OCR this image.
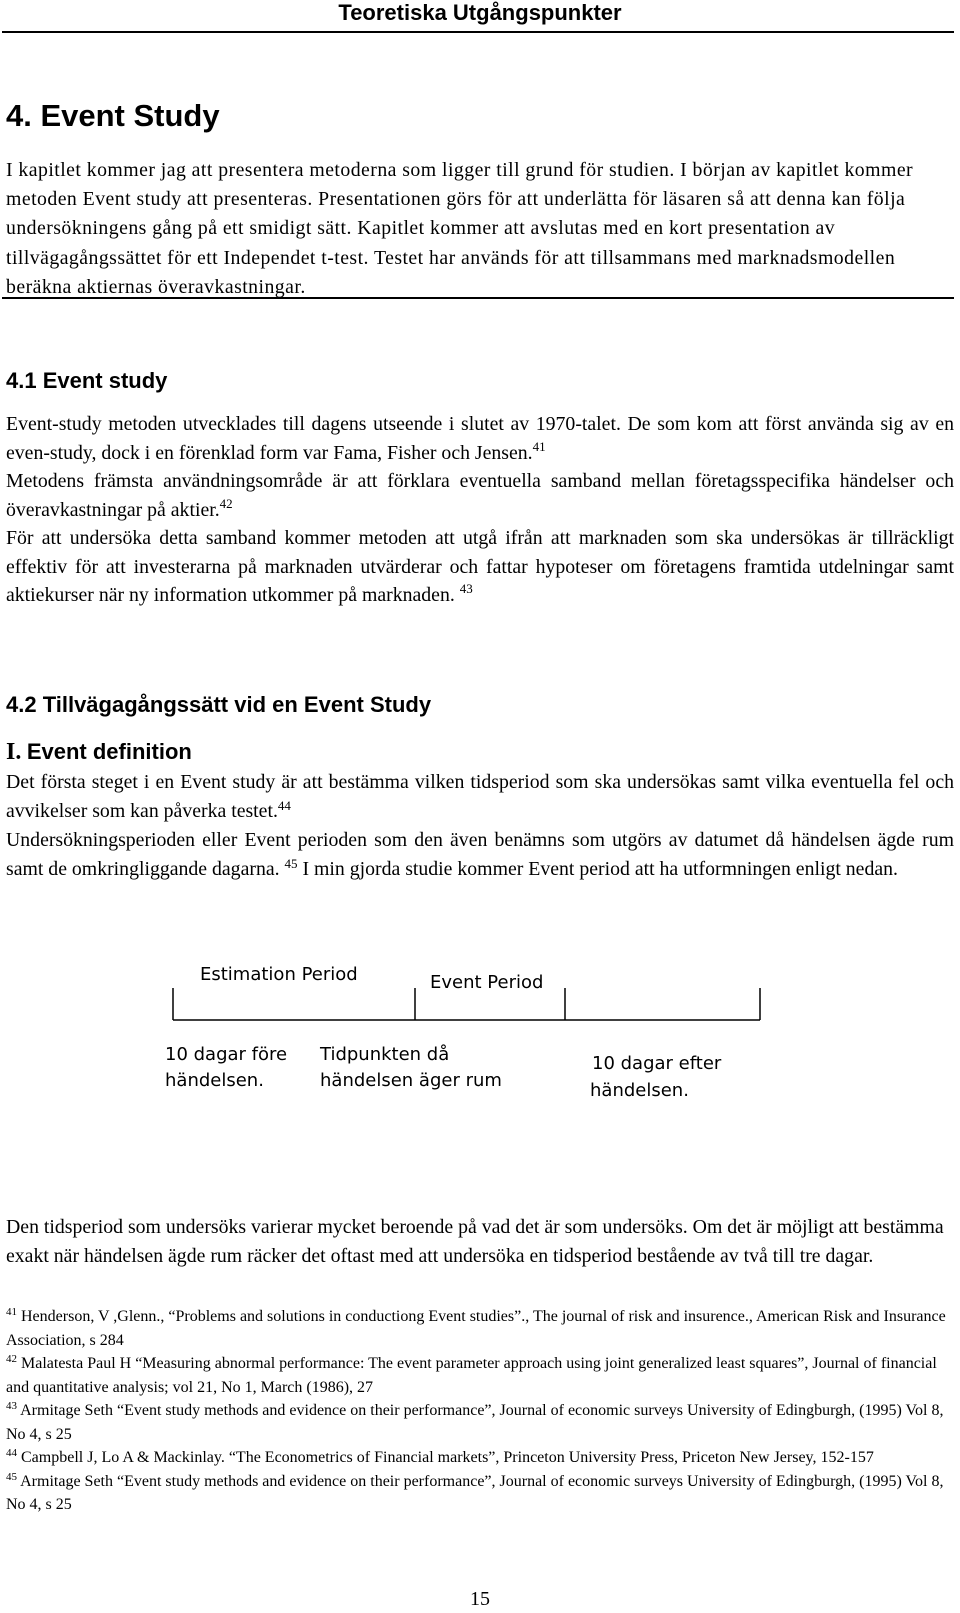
Teoretiska Utgångspunkter
4. Event Study

I kapitlet kommer jag att presentera metoderna som ligger till grund för studien. I början av kapitlet kommer metoden Event study att presenteras. Presentationen görs för att underlätta för läsaren så att denna kan följa undersökningens gång på ett smidigt sätt. Kapitlet kommer att avslutas med en kort presentation av tillvägagångssättet för ett Independet t-test. Testet har används för att tillsammans med marknadsmodellen beräkna aktiernas överavkastningar.

4.1 Event study

Event-study metoden utvecklades till dagens utseende i slutet av 1970-talet. De som kom att först använda sig av en even-study, dock i en förenklad form var Fama, Fisher och Jensen.$^{41}$
Metodens främsta användningsområde är att förklara eventuella samband mellan företagsspecifika händelser och överavkastningar på aktier.$^{42}$
För att undersöka detta samband kommer metoden att utgå ifrån att marknaden som ska undersökas är tillräckligt effektiv för att investerarna på marknaden utvärderar och fattar hypoteser om företagens framtida utdelningar samt aktiekurser när ny information utkommer på marknaden. $^{43}$

4.2 Tillvägagångssätt vid en Event Study
I. Event definition

Det första steget i en Event study är att bestämma vilken tidsperiod som ska undersökas samt vilka eventuella fel och avvikelser som kan påverka testet.$^{44}$
Undersökningsperioden eller Event perioden som den även benämns som utgörs av datumet då händelsen ägde rum samt de omkringliggande dagarna. $^{45}$ I min gjorda studie kommer Event period att ha utformningen enligt nedan.

Estimation Period	Event Period
10 dagar före
händelsen.
Tidpunkten då
händelsen äger rum
10 dagar efter
händelsen.

Den tidsperiod som undersöks varierar mycket beroende på vad det är som undersöks. Om det är möjligt att bestämma exakt när händelsen ägde rum räcker det oftast med att undersöka en tidsperiod bestående av två till tre dagar.

$^{41}$ Henderson, V ,Glenn., “Problems and solutions in conductiong Event studies”., The journal of risk and insurence., American Risk and Insurance Association, s 284

$^{42}$ Malatesta Paul H “Measuring abnormal performance: The event parameter approach using joint generalized least squares”, Journal of financial and quantitative analysis; vol 21, No 1, March (1986), 27

$^{43}$ Armitage Seth “Event study methods and evidence on their performance”, Journal of economic surveys University of Edingburgh, (1995) Vol 8, No 4, s 25

$^{44}$ Campbell J, Lo A & Mackinlay. “The Econometrics of Financial markets”, Princeton University Press, Priceton New Jersey, 152-157

$^{45}$ Armitage Seth “Event study methods and evidence on their performance”, Journal of economic surveys University of Edingburgh, (1995) Vol 8, No 4, s 25

15
